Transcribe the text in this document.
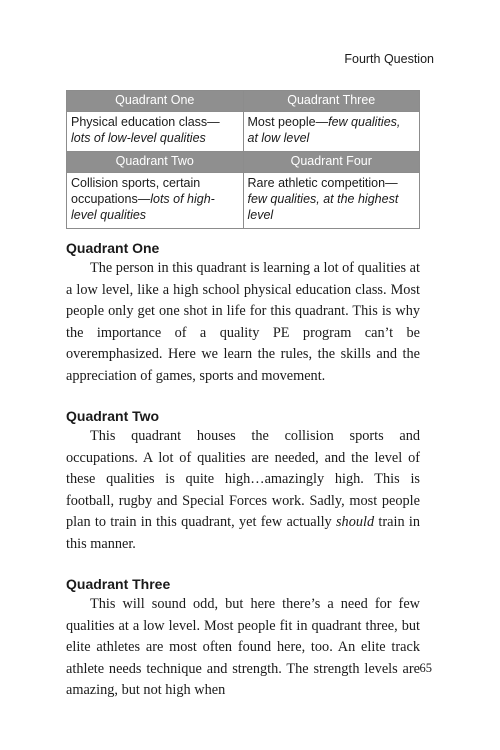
Fourth Question
Quadrant One	Quadrant Three
Physical education class—lots of low-level qualities	Most people—few qualities, at low level
Quadrant Two	Quadrant Four
Collision sports, certain occupations—lots of high-level qualities	Rare athletic competition—few qualities, at the highest level
Quadrant One

The person in this quadrant is learning a lot of qualities at a low level, like a high school physical education class. Most people only get one shot in life for this quadrant. This is why the importance of a quality PE program can’t be overemphasized. Here we learn the rules, the skills and the appreciation of games, sports and movement.

Quadrant Two

This quadrant houses the collision sports and occupations. A lot of qualities are needed, and the level of these qualities is quite high…amazingly high. This is football, rugby and Special Forces work. Sadly, most people plan to train in this quadrant, yet few actually should train in this manner.

Quadrant Three

This will sound odd, but here there’s a need for few qualities at a low level. Most people fit in quadrant three, but elite athletes are most often found here, too. An elite track athlete needs technique and strength. The strength levels are amazing, but not high when

65
